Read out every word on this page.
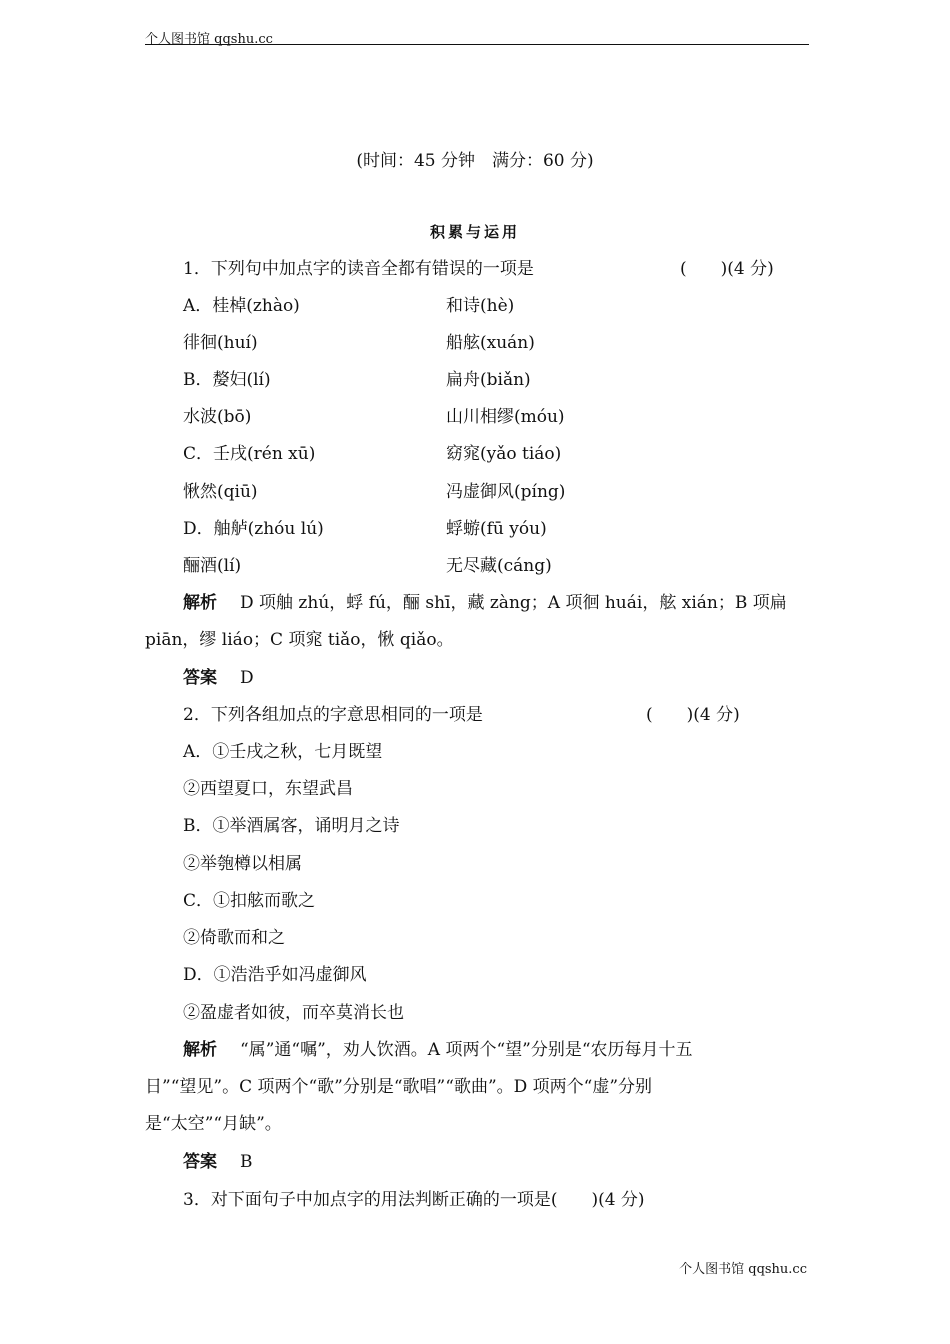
个人图书馆 qqshu.cc
(时间：45 分钟　满分：60 分)
积累与运用
1．下列句中加点字的读音全都有错误的一项是	(　　)(4 分)
A．桂棹(zhào)	和诗(hè)
徘徊(huí)	船舷(xuán)
B．嫠妇(lí)	扁舟(biǎn)
水波(bō)	山川相缪(móu)
C．壬戌(rén xū)	窈窕(yǎo tiáo)
愀然(qiū)	冯虚御风(píng)
D．舳舻(zhóu lú)	蜉蝣(fū yóu)
酾酒(lí)	无尽藏(cáng)
解析 D 项舳 zhú，蜉 fú，酾 shī，藏 zàng；A 项徊 huái，舷 xián；B 项扁
piān，缪 liáo；C 项窕 tiǎo，愀 qiǎo。
答案 D
2．下列各组加点的字意思相同的一项是	(　　)(4 分)
A．①壬戌之秋，七月既望
②西望夏口，东望武昌
B．①举酒属客，诵明月之诗
②举匏樽以相属
C．①扣舷而歌之
②倚歌而和之
D．①浩浩乎如冯虚御风
②盈虚者如彼，而卒莫消长也
解析 “属”通“嘱”，劝人饮酒。A 项两个“望”分别是“农历每月十五
日”“望见”。C 项两个“歌”分别是“歌唱”“歌曲”。D 项两个“虚”分别
是“太空”“月缺”。
答案 B
3．对下面句子中加点字的用法判断正确的一项是(　　)(4 分)
个人图书馆 qqshu.cc
